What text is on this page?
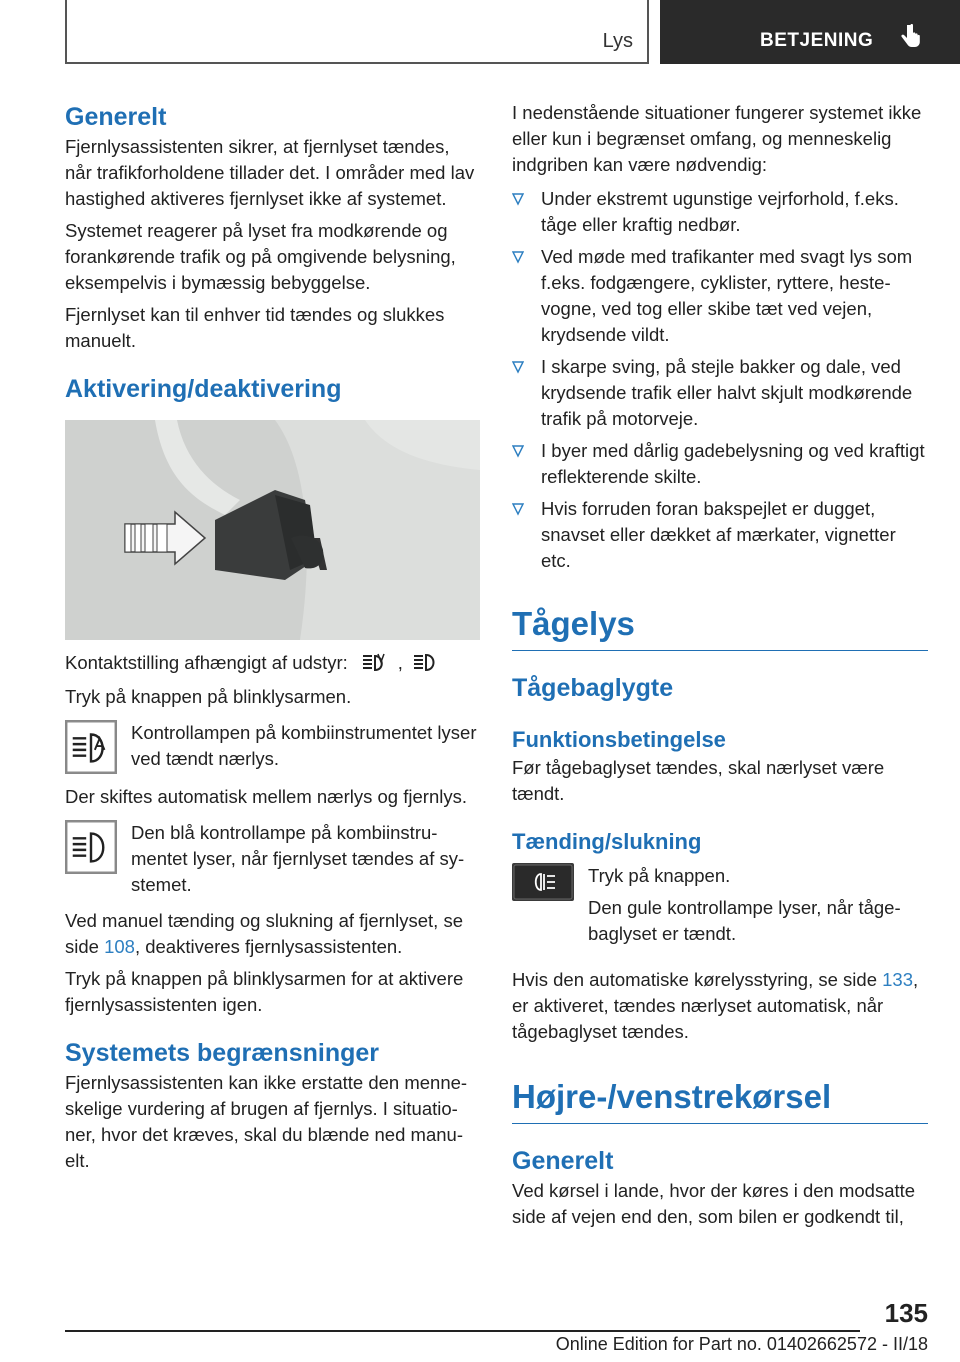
Lys	BETJENING
Generelt

Fjernlysassistenten sikrer, at fjernlyset tændes, når trafikforholdene tillader det. I områder med lav hastighed aktiveres fjernlyset ikke af systemet.

Systemet reagerer på lyset fra modkørende og forankørende trafik og på omgivende belysning, eksempelvis i bymæssig bebyggelse.

Fjernlyset kan til enhver tid tændes og slukkes manuelt.

Aktivering/deaktivering
Kontaktstilling afhængigt af udstyr:	,

Tryk på knappen på blinklysarmen.

Kontrollampen på kombiinstrumentet lyser ved tændt nærlys.

Der skiftes automatisk mellem nærlys og fjernlys.

Den blå kontrollampe på kombiinstrumentet lyser, når fjernlyset tændes af systemet.

Ved manuel tænding og slukning af fjernlyset, se side 108, deaktiveres fjernlysassistenten.

Tryk på knappen på blinklysarmen for at aktivere fjernlysassistenten igen.

Systemets begrænsninger

Fjernlysassistenten kan ikke erstatte den menneskelige vurdering af brugen af fjernlys. I situationer, hvor det kræves, skal du blænde ned manuelt.

I nedenstående situationer fungerer systemet ikke eller kun i begrænset omfang, og menneskelig indgriben kan være nødvendig:

Under ekstremt ugunstige vejrforhold, f.eks. tåge eller kraftig nedbør.
Ved møde med trafikanter med svagt lys som f.eks. fodgængere, cyklister, ryttere, hestevogne, ved tog eller skibe tæt ved vejen, krydsende vildt.
I skarpe sving, på stejle bakker og dale, ved krydsende trafik eller halvt skjult modkørende trafik på motorveje.
I byer med dårlig gadebelysning og ved kraftigt reflekterende skilte.
Hvis forruden foran bakspejlet er dugget, snavset eller dækket af mærkater, vignetter etc.
Tågelys
Tågebaglygte
Funktionsbetingelse

Før tågebaglyset tændes, skal nærlyset være tændt.

Tænding/slukning

Tryk på knappen.

Den gule kontrollampe lyser, når tågebaglyset er tændt.

Hvis den automatiske kørelysstyring, se side 133, er aktiveret, tændes nærlyset automatisk, når tågebaglyset tændes.

Højre-/venstrekørsel
Generelt

Ved kørsel i lande, hvor der køres i den modsatte side af vejen end den, som bilen er godkendt til,

135
Online Edition for Part no. 01402662572 - II/18
